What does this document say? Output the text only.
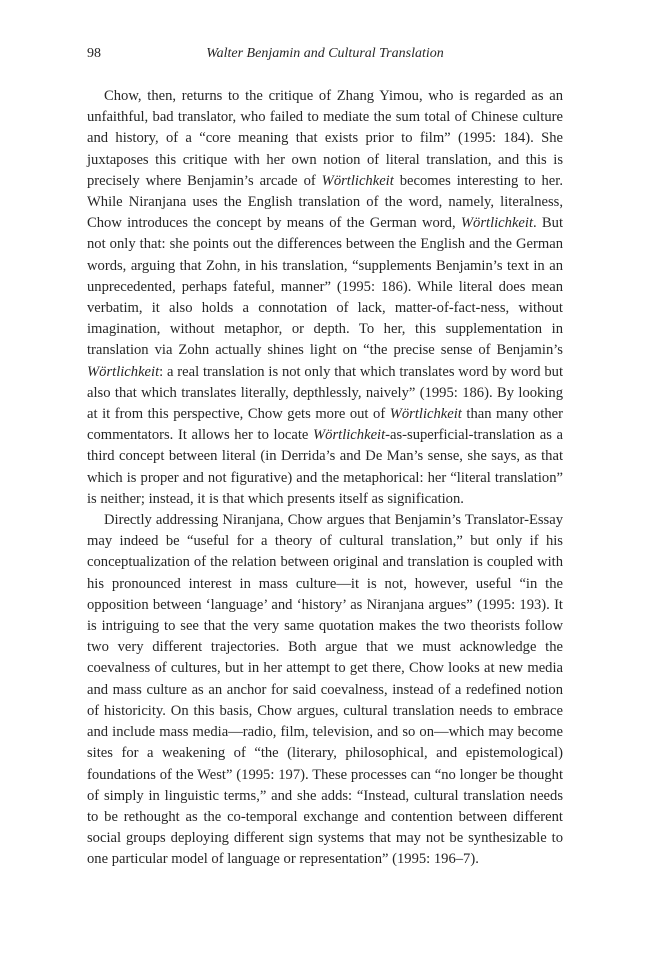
98	Walter Benjamin and Cultural Translation

Chow, then, returns to the critique of Zhang Yimou, who is regarded as an unfaithful, bad translator, who failed to mediate the sum total of Chinese culture and history, of a “core meaning that exists prior to film” (1995: 184). She juxtaposes this critique with her own notion of literal translation, and this is precisely where Benjamin’s arcade of Wörtlichkeit becomes interesting to her. While Niranjana uses the English translation of the word, namely, literalness, Chow introduces the concept by means of the German word, Wörtlichkeit. But not only that: she points out the differences between the English and the German words, arguing that Zohn, in his translation, “supplements Benjamin’s text in an unprecedented, perhaps fateful, manner” (1995: 186). While literal does mean verbatim, it also holds a connotation of lack, matter-of-fact-ness, without imagination, without metaphor, or depth. To her, this supplementation in translation via Zohn actually shines light on “the precise sense of Benjamin’s Wörtlichkeit: a real translation is not only that which translates word by word but also that which translates literally, depthlessly, naively” (1995: 186). By looking at it from this perspective, Chow gets more out of Wörtlichkeit than many other commentators. It allows her to locate Wörtlichkeit-as-superficial-translation as a third concept between literal (in Derrida’s and De Man’s sense, she says, as that which is proper and not figurative) and the metaphorical: her “literal translation” is neither; instead, it is that which presents itself as signification.

Directly addressing Niranjana, Chow argues that Benjamin’s Translator-Essay may indeed be “useful for a theory of cultural translation,” but only if his conceptualization of the relation between original and translation is coupled with his pronounced interest in mass culture—it is not, however, useful “in the opposition between ‘language’ and ‘history’ as Niranjana argues” (1995: 193). It is intriguing to see that the very same quotation makes the two theorists follow two very different trajectories. Both argue that we must acknowledge the coevalness of cultures, but in her attempt to get there, Chow looks at new media and mass culture as an anchor for said coevalness, instead of a redefined notion of historicity. On this basis, Chow argues, cultural translation needs to embrace and include mass media—radio, film, television, and so on—which may become sites for a weakening of “the (literary, philosophical, and epistemological) foundations of the West” (1995: 197). These processes can “no longer be thought of simply in linguistic terms,” and she adds: “Instead, cultural translation needs to be rethought as the co-temporal exchange and contention between different social groups deploying different sign systems that may not be synthesizable to one particular model of language or representation” (1995: 196–7).
